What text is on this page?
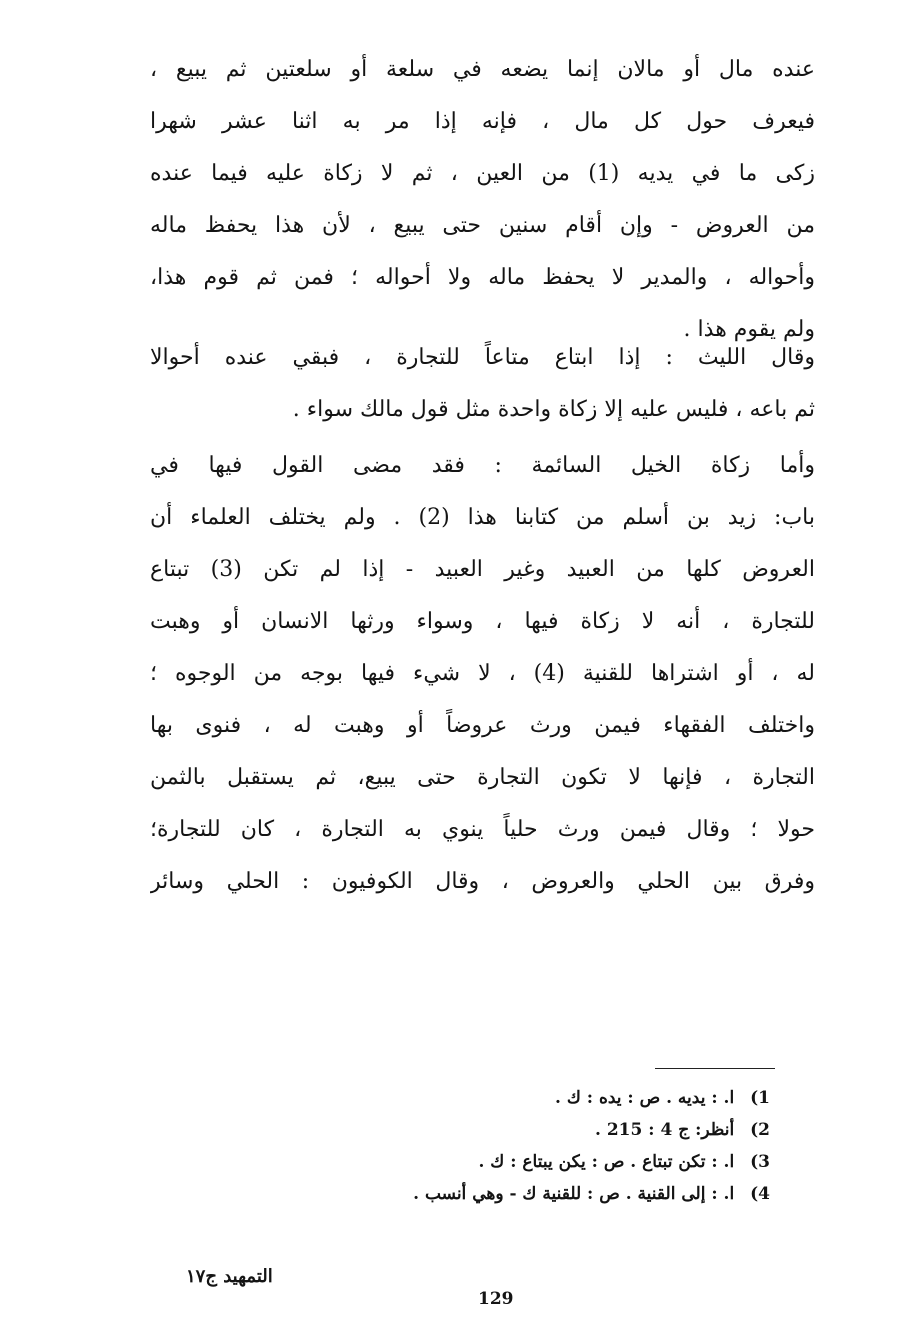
عنده مال أو مالان إنما يضعه في سلعة أو سلعتين ثم يبيع ،
فيعرف حول كل مال ، فإنه إذا مر به اثنا عشر شهرا
زكى ما في يديه (1) من العين ، ثم لا زكاة عليه فيما عنده
من العروض - وإن أقام سنين حتى يبيع ، لأن هذا يحفظ ماله
وأحواله ، والمدير لا يحفظ ماله ولا أحواله ؛ فمن ثم قوم هذا،
ولم يقوم هذا .
وقال الليث : إذا ابتاع متاعاً للتجارة ، فبقي عنده أحوالا
ثم باعه ، فليس عليه إلا زكاة واحدة مثل قول مالك سواء .
وأما زكاة الخيل السائمة : فقد مضى القول فيها في
باب: زيد بن أسلم من كتابنا هذا (2) . ولم يختلف العلماء أن
العروض كلها من العبيد وغير العبيد - إذا لم تكن (3) تبتاع
للتجارة ، أنه لا زكاة فيها ، وسواء ورثها الانسان أو وهبت
له ، أو اشتراها للقنية (4) ، لا شيء فيها بوجه من الوجوه ؛
واختلف الفقهاء فيمن ورث عروضاً أو وهبت له ، فنوى بها
التجارة ، فإنها لا تكون التجارة حتى يبيع، ثم يستقبل بالثمن
حولا ؛ وقال فيمن ورث حلياً ينوي به التجارة ، كان للتجارة؛
وفرق بين الحلي والعروض ، وقال الكوفيون : الحلي وسائر
1) ا. : يديه . ص : يده : ك .
2) أنظر: ج 4 : 215 .
3) ا. : تكن تبتاع . ص : يكن يبتاع : ك .
4) ا. : إلى القنية . ص : للقنية ك - وهي أنسب .
التمهيد ج١٧
129
